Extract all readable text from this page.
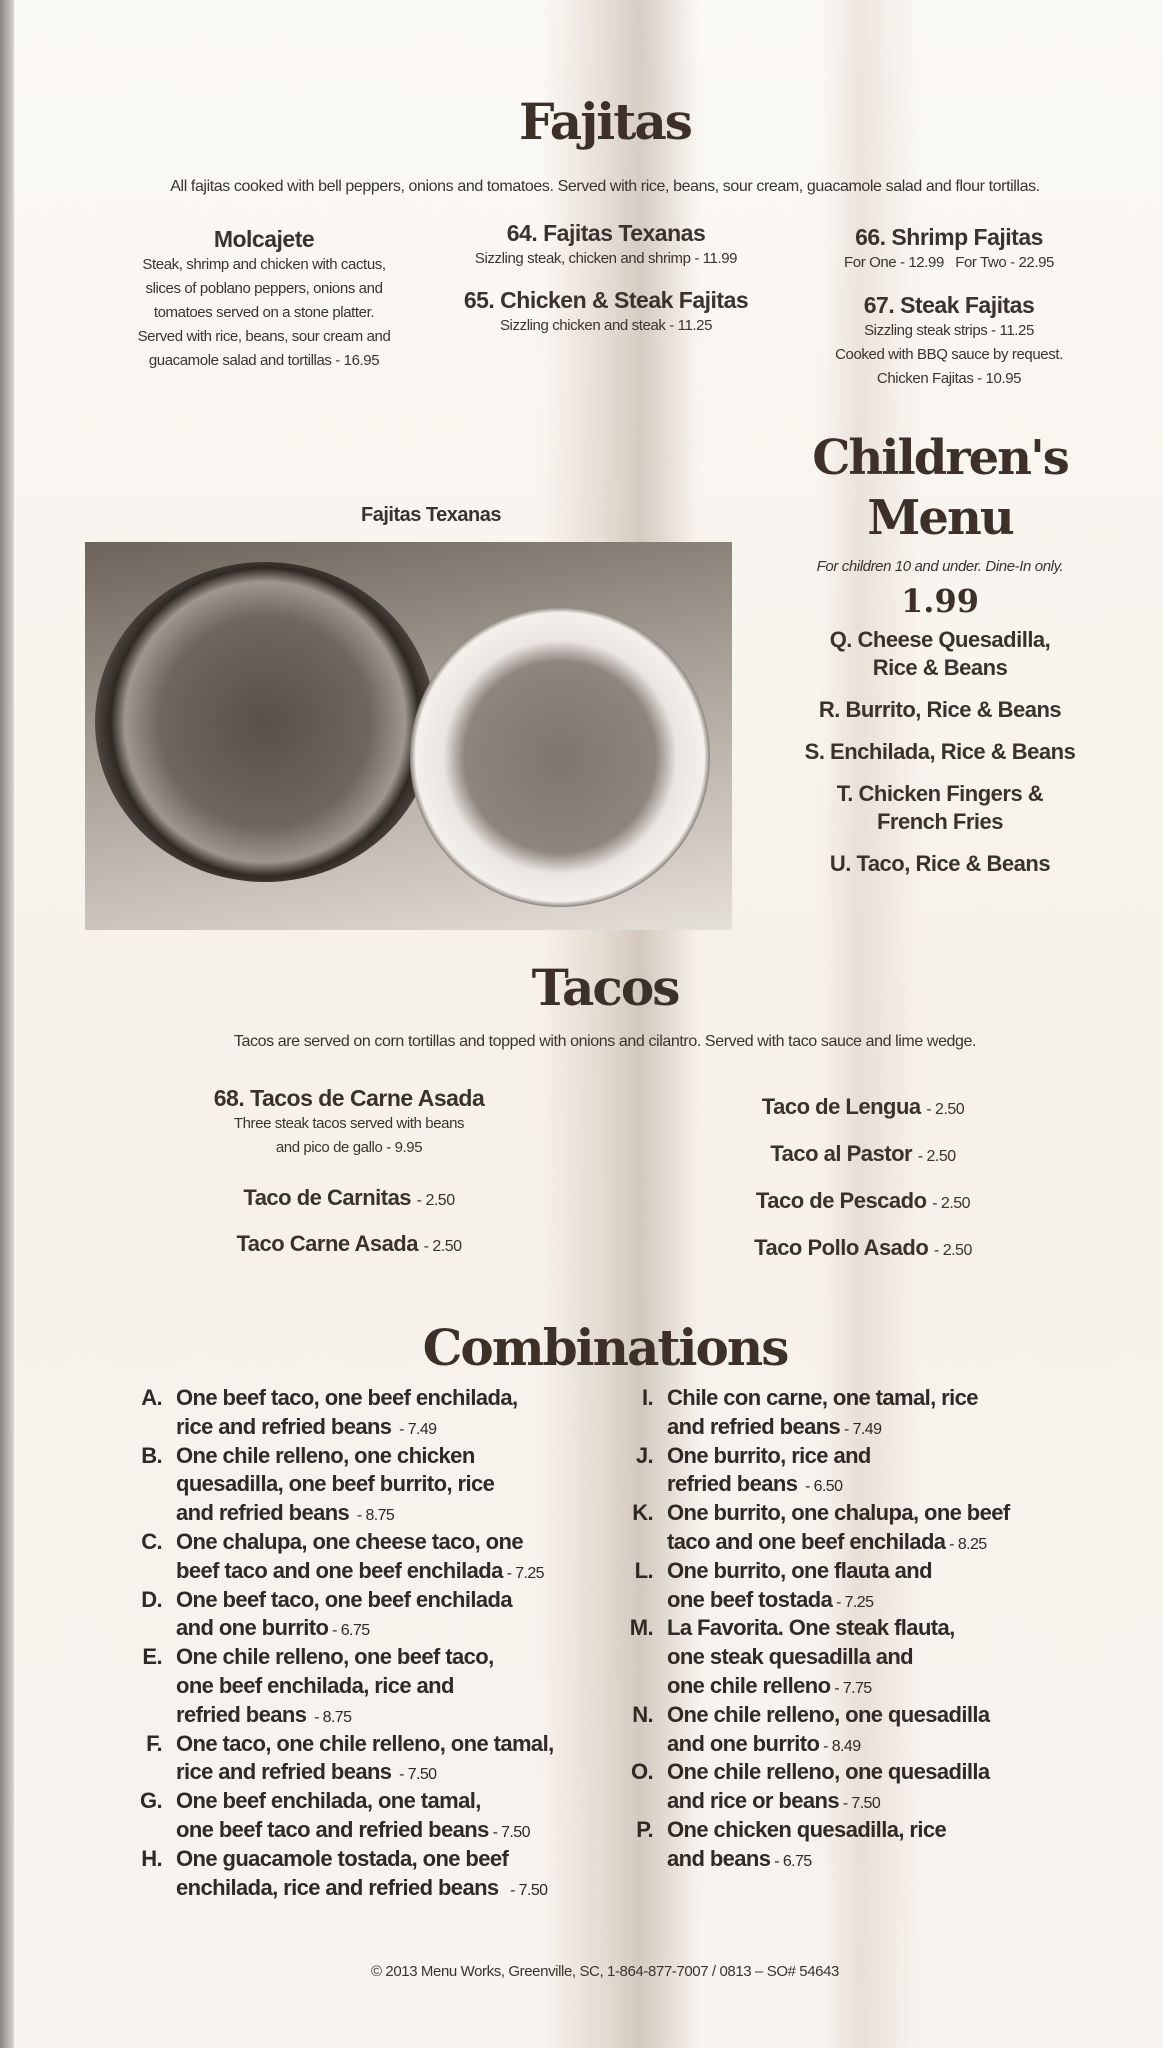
Fajitas
All fajitas cooked with bell peppers, onions and tomatoes. Served with rice, beans, sour cream, guacamole salad and flour tortillas.
Molcajete
Steak, shrimp and chicken with cactus,
slices of poblano peppers, onions and
tomatoes served on a stone platter.
Served with rice, beans, sour cream and
guacamole salad and tortillas - 16.95
64. Fajitas Texanas
Sizzling steak, chicken and shrimp - 11.99
65. Chicken & Steak Fajitas
Sizzling chicken and steak - 11.25
66. Shrimp Fajitas
For One - 12.99   For Two - 22.95
67. Steak Fajitas
Sizzling steak strips - 11.25
Cooked with BBQ sauce by request.
Chicken Fajitas - 10.95
Fajitas Texanas
Children's
Menu
For children 10 and under. Dine-In only.
1.99
Q. Cheese Quesadilla,
Rice & Beans
R. Burrito, Rice & Beans
S. Enchilada, Rice & Beans
T. Chicken Fingers &
French Fries
U. Taco, Rice & Beans
Tacos
Tacos are served on corn tortillas and topped with onions and cilantro. Served with taco sauce and lime wedge.
68. Tacos de Carne Asada
Three steak tacos served with beans
and pico de gallo - 9.95
Taco de Carnitas - 2.50
Taco Carne Asada - 2.50
Taco de Lengua - 2.50
Taco al Pastor - 2.50
Taco de Pescado - 2.50
Taco Pollo Asado - 2.50
Combinations
A. One beef taco, one beef enchilada,
rice and refried beans  - 7.49
B. One chile relleno, one chicken
quesadilla, one beef burrito, rice
and refried beans  - 8.75
C. One chalupa, one cheese taco, one
beef taco and one beef enchilada - 7.25
D. One beef taco, one beef enchilada
and one burrito - 6.75
E. One chile relleno, one beef taco,
one beef enchilada, rice and
refried beans  - 8.75
F. One taco, one chile relleno, one tamal,
rice and refried beans  - 7.50
G. One beef enchilada, one tamal,
one beef taco and refried beans - 7.50
H. One guacamole tostada, one beef
enchilada, rice and refried beans   - 7.50
I. Chile con carne, one tamal, rice
and refried beans - 7.49
J. One burrito, rice and
refried beans  - 6.50
K. One burrito, one chalupa, one beef
taco and one beef enchilada - 8.25
L. One burrito, one flauta and
one beef tostada - 7.25
M. La Favorita. One steak flauta,
one steak quesadilla and
one chile relleno - 7.75
N. One chile relleno, one quesadilla
and one burrito - 8.49
O. One chile relleno, one quesadilla
and rice or beans - 7.50
P. One chicken quesadilla, rice
and beans - 6.75
© 2013 Menu Works, Greenville, SC, 1-864-877-7007 / 0813 – SO# 54643
